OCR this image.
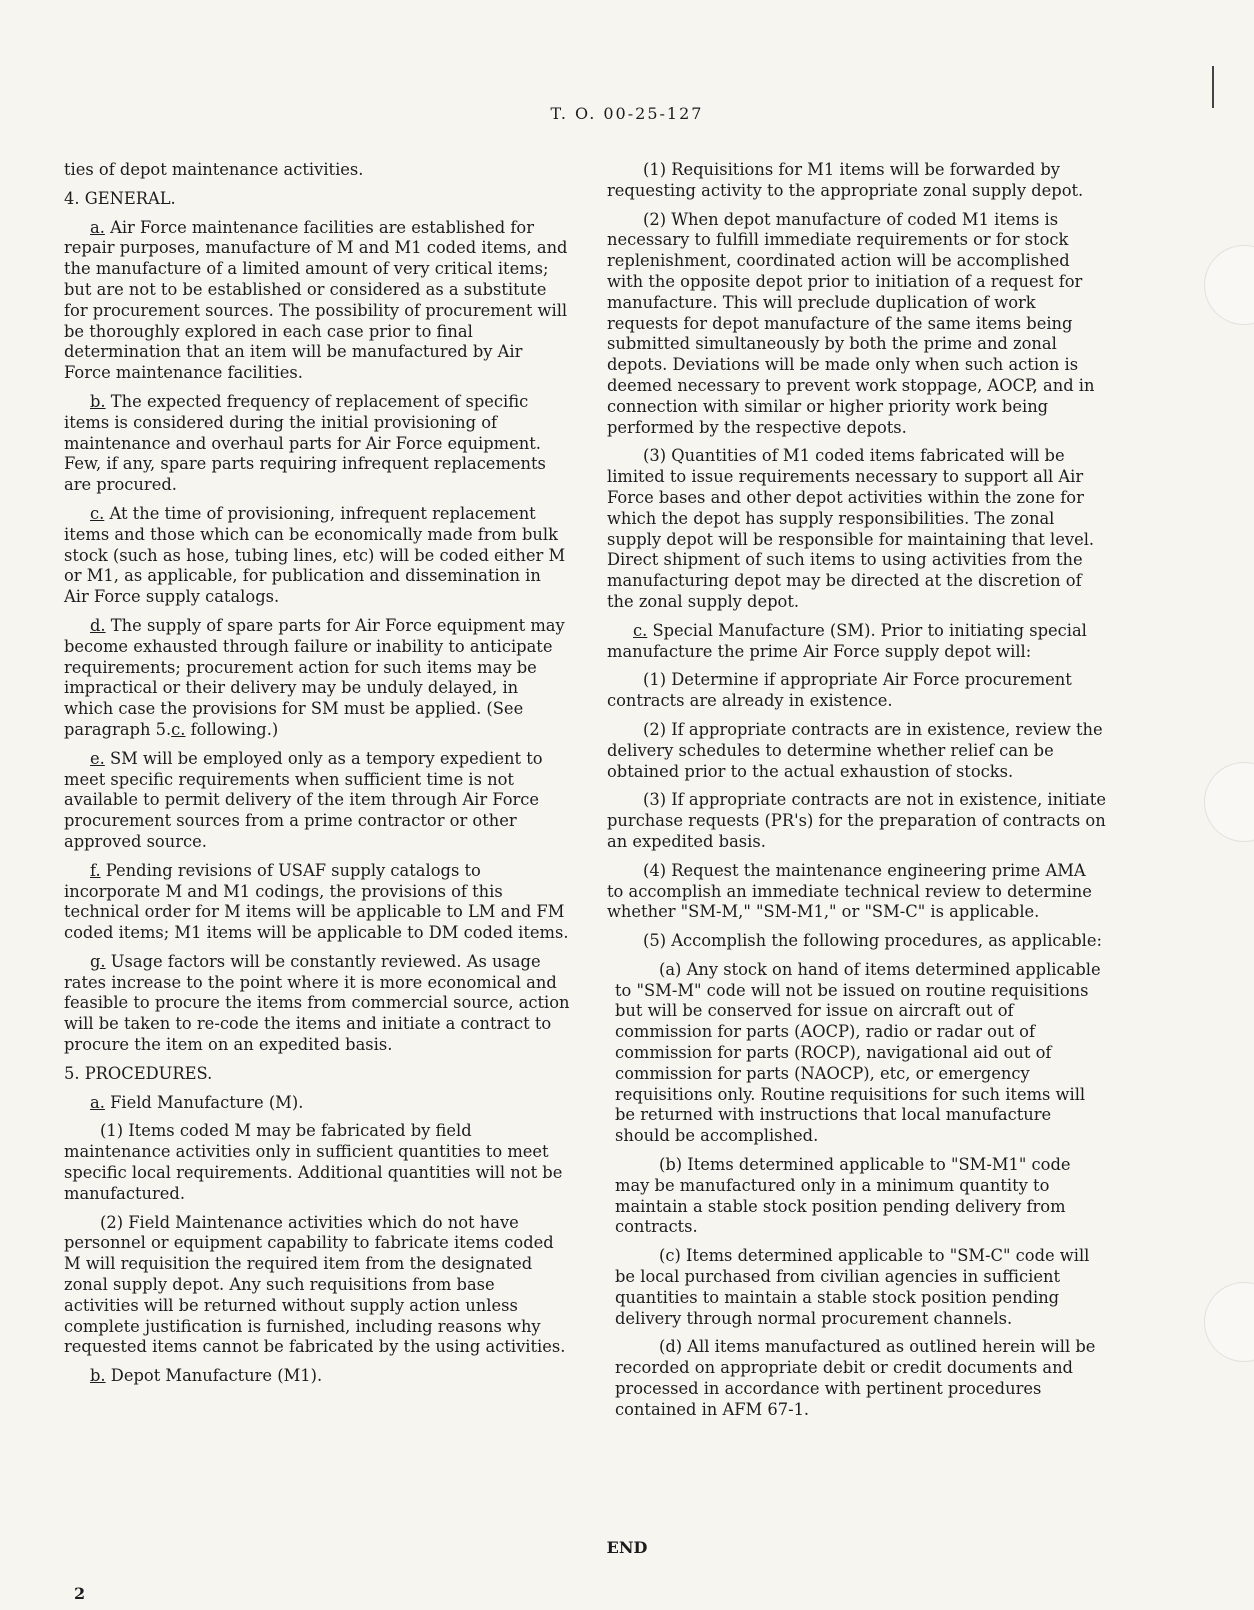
T. O. 00-25-127

ties of depot maintenance activities.

4. GENERAL.

a. Air Force maintenance facilities are established for repair purposes, manufacture of M and M1 coded items, and the manufacture of a limited amount of very critical items; but are not to be established or considered as a substitute for procurement sources. The possibility of procurement will be thoroughly explored in each case prior to final determination that an item will be manufactured by Air Force maintenance facilities.

b. The expected frequency of replacement of specific items is considered during the initial provisioning of maintenance and overhaul parts for Air Force equipment. Few, if any, spare parts requiring infrequent replacements are procured.

c. At the time of provisioning, infrequent replacement items and those which can be economically made from bulk stock (such as hose, tubing lines, etc) will be coded either M or M1, as applicable, for publication and dissemination in Air Force supply catalogs.

d. The supply of spare parts for Air Force equipment may become exhausted through failure or inability to anticipate requirements; procurement action for such items may be impractical or their delivery may be unduly delayed, in which case the provisions for SM must be applied. (See paragraph 5.c. following.)

e. SM will be employed only as a tempory expedient to meet specific requirements when sufficient time is not available to permit delivery of the item through Air Force procurement sources from a prime contractor or other approved source.

f. Pending revisions of USAF supply catalogs to incorporate M and M1 codings, the provisions of this technical order for M items will be applicable to LM and FM coded items; M1 items will be applicable to DM coded items.

g. Usage factors will be constantly reviewed. As usage rates increase to the point where it is more economical and feasible to procure the items from commercial source, action will be taken to re-code the items and initiate a contract to procure the item on an expedited basis.

5. PROCEDURES.

a. Field Manufacture (M).

(1) Items coded M may be fabricated by field maintenance activities only in sufficient quantities to meet specific local requirements. Additional quantities will not be manufactured.

(2) Field Maintenance activities which do not have personnel or equipment capability to fabricate items coded M will requisition the required item from the designated zonal supply depot. Any such requisitions from base activities will be returned without supply action unless complete justification is furnished, including reasons why requested items cannot be fabricated by the using activities.

b. Depot Manufacture (M1).

(1) Requisitions for M1 items will be forwarded by requesting activity to the appropriate zonal supply depot.

(2) When depot manufacture of coded M1 items is necessary to fulfill immediate requirements or for stock replenishment, coordinated action will be accomplished with the opposite depot prior to initiation of a request for manufacture. This will preclude duplication of work requests for depot manufacture of the same items being submitted simultaneously by both the prime and zonal depots. Deviations will be made only when such action is deemed necessary to prevent work stoppage, AOCP, and in connection with similar or higher priority work being performed by the respective depots.

(3) Quantities of M1 coded items fabricated will be limited to issue requirements necessary to support all Air Force bases and other depot activities within the zone for which the depot has supply responsibilities. The zonal supply depot will be responsible for maintaining that level. Direct shipment of such items to using activities from the manufacturing depot may be directed at the discretion of the zonal supply depot.

c. Special Manufacture (SM). Prior to initiating special manufacture the prime Air Force supply depot will:

(1) Determine if appropriate Air Force procurement contracts are already in existence.

(2) If appropriate contracts are in existence, review the delivery schedules to determine whether relief can be obtained prior to the actual exhaustion of stocks.

(3) If appropriate contracts are not in existence, initiate purchase requests (PR's) for the preparation of contracts on an expedited basis.

(4) Request the maintenance engineering prime AMA to accomplish an immediate technical review to determine whether "SM-M," "SM-M1," or "SM-C" is applicable.

(5) Accomplish the following procedures, as applicable:

(a) Any stock on hand of items determined applicable to "SM-M" code will not be issued on routine requisitions but will be conserved for issue on aircraft out of commission for parts (AOCP), radio or radar out of commission for parts (ROCP), navigational aid out of commission for parts (NAOCP), etc, or emergency requisitions only. Routine requisitions for such items will be returned with instructions that local manufacture should be accomplished.

(b) Items determined applicable to "SM-M1" code may be manufactured only in a minimum quantity to maintain a stable stock position pending delivery from contracts.

(c) Items determined applicable to "SM-C" code will be local purchased from civilian agencies in sufficient quantities to maintain a stable stock position pending delivery through normal procurement channels.

(d) All items manufactured as outlined herein will be recorded on appropriate debit or credit documents and processed in accordance with pertinent procedures contained in AFM 67-1.

END
2
